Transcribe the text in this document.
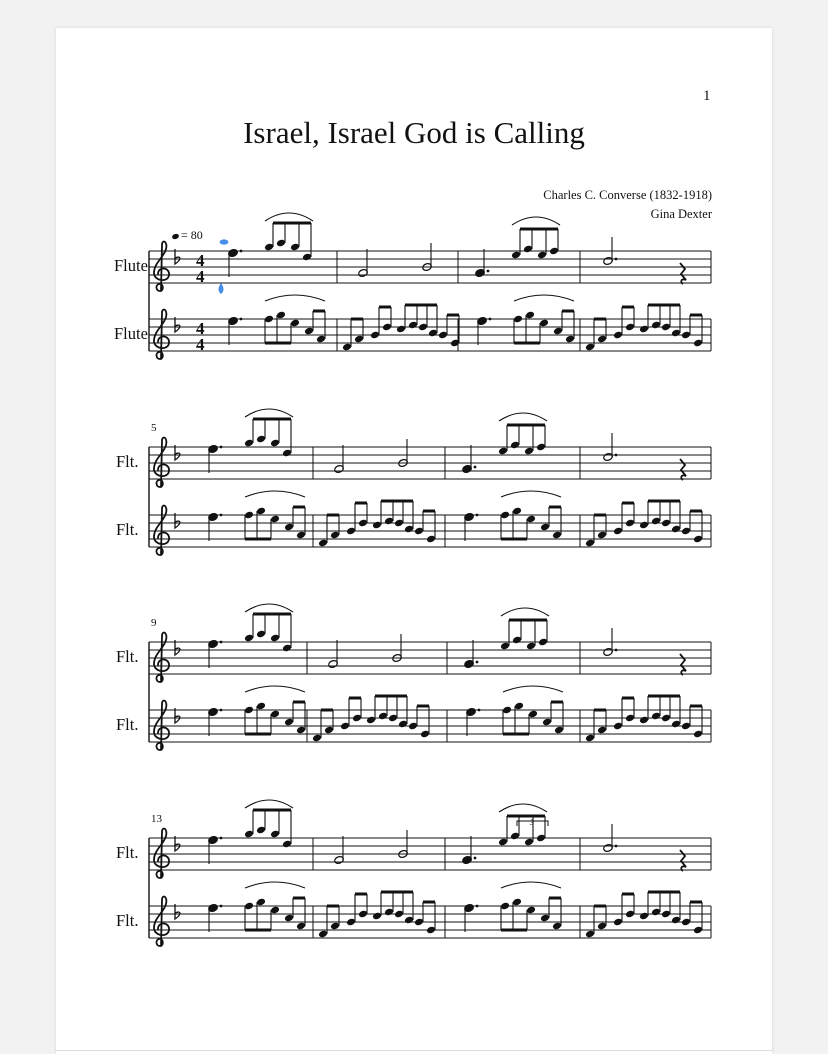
1
Israel, Israel God is Calling
Charles C. Converse (1832-1918)
Gina Dexter
= 80
Flute
Flute
Flt.
Flt.
Flt.
Flt.
Flt.
Flt.
4
4
4
4
5
9
13	3
